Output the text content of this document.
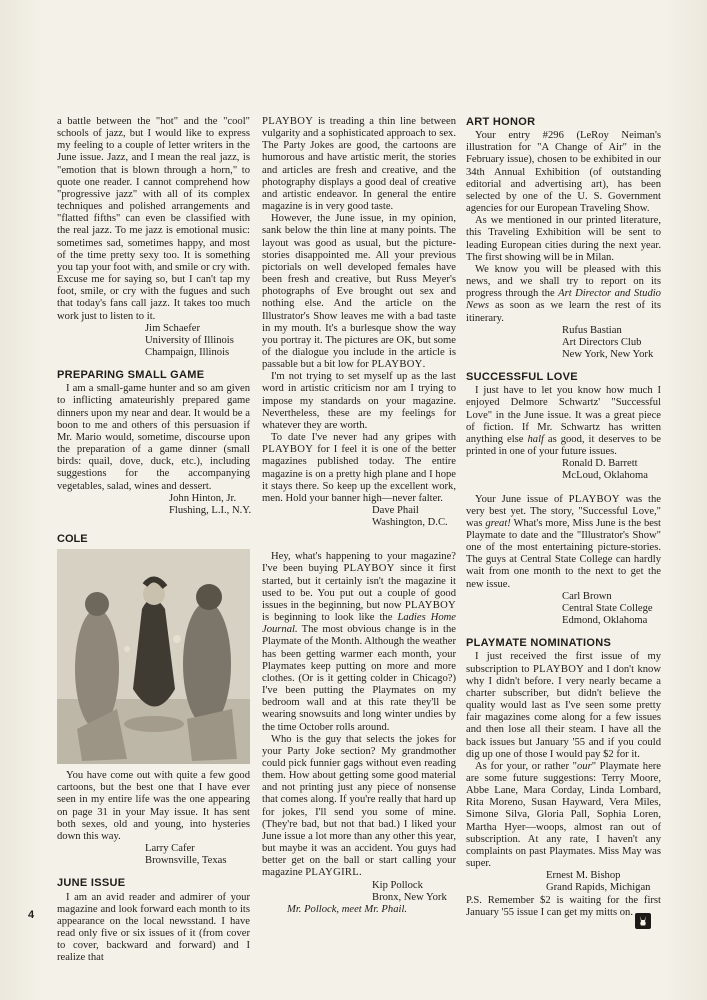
a battle between the "hot" and the "cool" schools of jazz, but I would like to express my feeling to a couple of letter writers in the June issue. Jazz, and I mean the real jazz, is "emotion that is blown through a horn," to quote one reader. I cannot comprehend how "progressive jazz" with all of its complex techniques and polished arrangements and "flatted fifths" can even be classified with the real jazz. To me jazz is emotional music: sometimes sad, sometimes happy, and most of the time pretty sexy too. It is something you tap your foot with, and smile or cry with. Excuse me for saying so, but I can't tap my foot, smile, or cry with the fugues and such that today's fans call jazz. It takes too much work just to listen to it.

Jim Schaefer
University of Illinois
Champaign, Illinois
PREPARING SMALL GAME

I am a small-game hunter and so am given to inflicting amateurishly prepared game dinners upon my near and dear. It would be a boon to me and others of this persuasion if Mr. Mario would, sometime, discourse upon the preparation of a game dinner (small birds: quail, dove, duck, etc.), including suggestions for the accompanying vegetables, salad, wines and dessert.

John Hinton, Jr.
Flushing, L.I., N.Y.
COLE

You have come out with quite a few good cartoons, but the best one that I have ever seen in my entire life was the one appearing on page 31 in your May issue. It has sent both sexes, old and young, into hysteries down this way.

Larry Cafer
Brownsville, Texas
JUNE ISSUE

I am an avid reader and admirer of your magazine and look forward each month to its appearance on the local newsstand. I have read only five or six issues of it (from cover to cover, backward and forward) and I realize that

PLAYBOY is treading a thin line between vulgarity and a sophisticated approach to sex. The Party Jokes are good, the cartoons are humorous and have artistic merit, the stories and articles are fresh and creative, and the photography displays a good deal of creative and artistic endeavor. In general the entire magazine is in very good taste.

However, the June issue, in my opinion, sank below the thin line at many points. The layout was good as usual, but the picture-stories disappointed me. All your previous pictorials on well developed females have been fresh and creative, but Russ Meyer's photographs of Eve brought out sex and nothing else. And the article on the Illustrator's Show leaves me with a bad taste in my mouth. It's a burlesque show the way you portray it. The pictures are OK, but some of the dialogue you include in the article is passable but a bit low for PLAYBOY.

I'm not trying to set myself up as the last word in artistic criticism nor am I trying to impose my standards on your magazine. Nevertheless, these are my feelings for whatever they are worth.

To date I've never had any gripes with PLAYBOY for I feel it is one of the better magazines published today. The entire magazine is on a pretty high plane and I hope it stays there. So keep up the excellent work, men. Hold your banner high—never falter.

Dave Phail
Washington, D.C.

Hey, what's happening to your magazine? I've been buying PLAYBOY since it first started, but it certainly isn't the magazine it used to be. You put out a couple of good issues in the beginning, but now PLAYBOY is beginning to look like the Ladies Home Journal. The most obvious change is in the Playmate of the Month. Although the weather has been getting warmer each month, your Playmates keep putting on more and more clothes. (Or is it getting colder in Chicago?) I've been putting the Playmates on my bedroom wall and at this rate they'll be wearing snowsuits and long winter undies by the time October rolls around.

Who is the guy that selects the jokes for your Party Joke section? My grandmother could pick funnier gags without even reading them. How about getting some good material and not printing just any piece of nonsense that comes along. If you're really that hard up for jokes, I'll send you some of mine. (They're bad, but not that bad.) I liked your June issue a lot more than any other this year, but maybe it was an accident. You guys had better get on the ball or start calling your magazine PLAYGIRL.

Kip Pollock
Bronx, New York

Mr. Pollock, meet Mr. Phail.

ART HONOR

Your entry #296 (LeRoy Neiman's illustration for "A Change of Air" in the February issue), chosen to be exhibited in our 34th Annual Exhibition (of outstanding editorial and advertising art), has been selected by one of the U. S. Government agencies for our European Traveling Show.

As we mentioned in our printed literature, this Traveling Exhibition will be sent to leading European cities during the next year. The first showing will be in Milan.

We know you will be pleased with this news, and we shall try to report on its progress through the Art Director and Studio News as soon as we learn the rest of its itinerary.

Rufus Bastian
Art Directors Club
New York, New York
SUCCESSFUL LOVE

I just have to let you know how much I enjoyed Delmore Schwartz' "Successful Love" in the June issue. It was a great piece of fiction. If Mr. Schwartz has written anything else half as good, it deserves to be printed in one of your future issues.

Ronald D. Barrett
McLoud, Oklahoma

Your June issue of PLAYBOY was the very best yet. The story, "Successful Love," was great! What's more, Miss June is the best Playmate to date and the "Illustrator's Show" one of the most entertaining picture-stories. The guys at Central State College can hardly wait from one month to the next to get the new issue.

Carl Brown
Central State College
Edmond, Oklahoma
PLAYMATE NOMINATIONS

I just received the first issue of my subscription to PLAYBOY and I don't know why I didn't before. I very nearly became a charter subscriber, but didn't believe the quality would last as I've seen some pretty fair magazines come along for a few issues and then lose all their steam. I have all the back issues but January '55 and if you could dig up one of those I would pay $2 for it.

As for your, or rather "our" Playmate here are some future suggestions: Terry Moore, Abbe Lane, Mara Corday, Linda Lombard, Rita Moreno, Susan Hayward, Vera Miles, Simone Silva, Gloria Pall, Sophia Loren, Martha Hyer—woops, almost ran out of subscription. At any rate, I haven't any complaints on past Playmates. Miss May was super.

Ernest M. Bishop
Grand Rapids, Michigan

P.S. Remember $2 is waiting for the first January '55 issue I can get my mitts on.

4
